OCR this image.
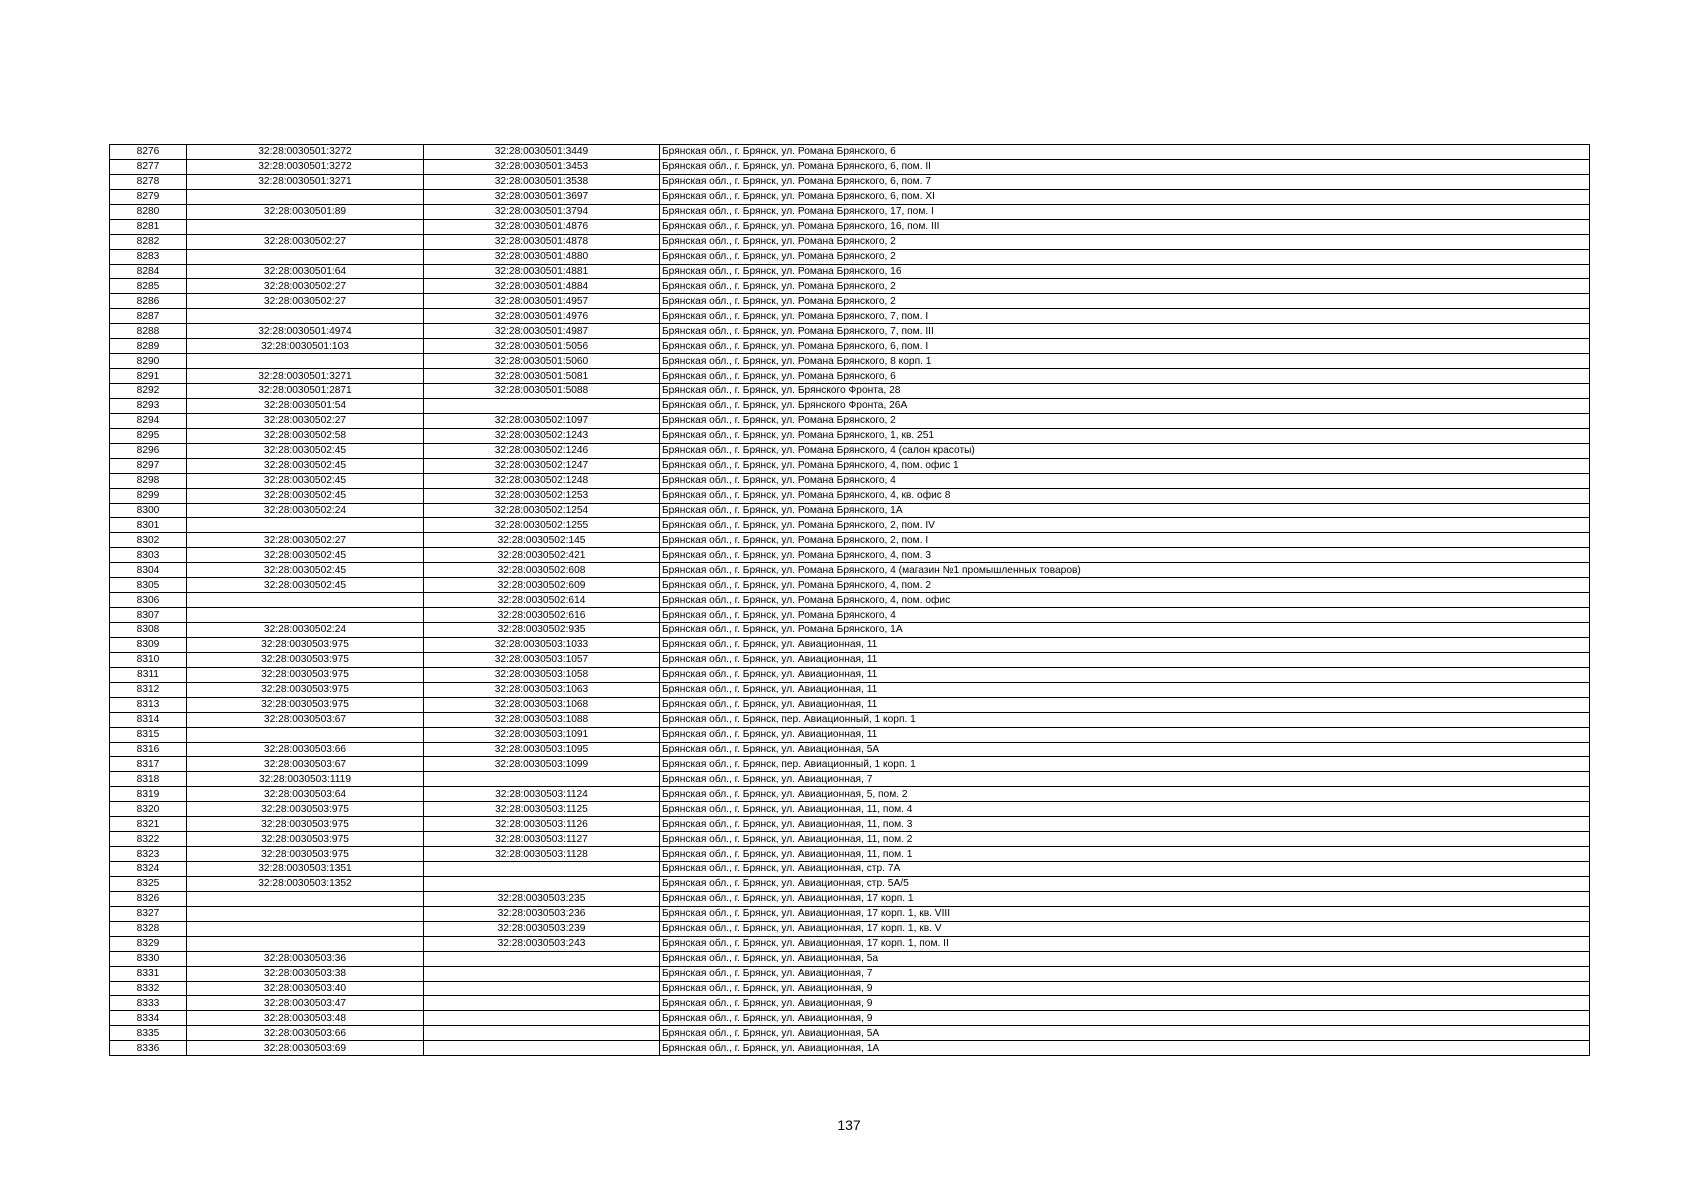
8276	32:28:0030501:3272	32:28:0030501:3449	Брянская обл., г. Брянск, ул. Романа Брянского, 6
8277	32:28:0030501:3272	32:28:0030501:3453	Брянская обл., г. Брянск, ул. Романа Брянского, 6, пом. II
8278	32:28:0030501:3271	32:28:0030501:3538	Брянская обл., г. Брянск, ул. Романа Брянского, 6, пом. 7
8279		32:28:0030501:3697	Брянская обл., г. Брянск, ул. Романа Брянского, 6, пом. XI
8280	32:28:0030501:89	32:28:0030501:3794	Брянская обл., г. Брянск, ул. Романа Брянского, 17, пом. I
8281		32:28:0030501:4876	Брянская обл., г. Брянск, ул. Романа Брянского, 16, пом. III
8282	32:28:0030502:27	32:28:0030501:4878	Брянская обл., г. Брянск, ул. Романа Брянского, 2
8283		32:28:0030501:4880	Брянская обл., г. Брянск, ул. Романа Брянского, 2
8284	32:28:0030501:64	32:28:0030501:4881	Брянская обл., г. Брянск, ул. Романа Брянского, 16
8285	32:28:0030502:27	32:28:0030501:4884	Брянская обл., г. Брянск, ул. Романа Брянского, 2
8286	32:28:0030502:27	32:28:0030501:4957	Брянская обл., г. Брянск, ул. Романа Брянского, 2
8287		32:28:0030501:4976	Брянская обл., г. Брянск, ул. Романа Брянского, 7, пом. I
8288	32:28:0030501:4974	32:28:0030501:4987	Брянская обл., г. Брянск, ул. Романа Брянского, 7, пом. III
8289	32:28:0030501:103	32:28:0030501:5056	Брянская обл., г. Брянск, ул. Романа Брянского, 6, пом. I
8290		32:28:0030501:5060	Брянская обл., г. Брянск, ул. Романа Брянского, 8 корп. 1
8291	32:28:0030501:3271	32:28:0030501:5081	Брянская обл., г. Брянск, ул. Романа Брянского, 6
8292	32:28:0030501:2871	32:28:0030501:5088	Брянская обл., г. Брянск, ул. Брянского Фронта, 28
8293	32:28:0030501:54		Брянская обл., г. Брянск, ул. Брянского Фронта, 26А
8294	32:28:0030502:27	32:28:0030502:1097	Брянская обл., г. Брянск, ул. Романа Брянского, 2
8295	32:28:0030502:58	32:28:0030502:1243	Брянская обл., г. Брянск, ул. Романа Брянского, 1, кв. 251
8296	32:28:0030502:45	32:28:0030502:1246	Брянская обл., г. Брянск, ул. Романа Брянского, 4 (салон красоты)
8297	32:28:0030502:45	32:28:0030502:1247	Брянская обл., г. Брянск, ул. Романа Брянского, 4, пом. офис 1
8298	32:28:0030502:45	32:28:0030502:1248	Брянская обл., г. Брянск, ул. Романа Брянского, 4
8299	32:28:0030502:45	32:28:0030502:1253	Брянская обл., г. Брянск, ул. Романа Брянского, 4, кв. офис 8
8300	32:28:0030502:24	32:28:0030502:1254	Брянская обл., г. Брянск, ул. Романа Брянского, 1А
8301		32:28:0030502:1255	Брянская обл., г. Брянск, ул. Романа Брянского, 2, пом. IV
8302	32:28:0030502:27	32:28:0030502:145	Брянская обл., г. Брянск, ул. Романа Брянского, 2, пом. I
8303	32:28:0030502:45	32:28:0030502:421	Брянская обл., г. Брянск, ул. Романа Брянского, 4, пом. 3
8304	32:28:0030502:45	32:28:0030502:608	Брянская обл., г. Брянск, ул. Романа Брянского, 4 (магазин №1 промышленных товаров)
8305	32:28:0030502:45	32:28:0030502:609	Брянская обл., г. Брянск, ул. Романа Брянского, 4, пом. 2
8306		32:28:0030502:614	Брянская обл., г. Брянск, ул. Романа Брянского, 4, пом. офис
8307		32:28:0030502:616	Брянская обл., г. Брянск, ул. Романа Брянского, 4
8308	32:28:0030502:24	32:28:0030502:935	Брянская обл., г. Брянск, ул. Романа Брянского, 1А
8309	32:28:0030503:975	32:28:0030503:1033	Брянская обл., г. Брянск, ул. Авиационная, 11
8310	32:28:0030503:975	32:28:0030503:1057	Брянская обл., г. Брянск, ул. Авиационная, 11
8311	32:28:0030503:975	32:28:0030503:1058	Брянская обл., г. Брянск, ул. Авиационная, 11
8312	32:28:0030503:975	32:28:0030503:1063	Брянская обл., г. Брянск, ул. Авиационная, 11
8313	32:28:0030503:975	32:28:0030503:1068	Брянская обл., г. Брянск, ул. Авиационная, 11
8314	32:28:0030503:67	32:28:0030503:1088	Брянская обл., г. Брянск, пер. Авиационный, 1 корп. 1
8315		32:28:0030503:1091	Брянская обл., г. Брянск, ул. Авиационная, 11
8316	32:28:0030503:66	32:28:0030503:1095	Брянская обл., г. Брянск, ул. Авиационная, 5А
8317	32:28:0030503:67	32:28:0030503:1099	Брянская обл., г. Брянск, пер. Авиационный, 1 корп. 1
8318	32:28:0030503:1119		Брянская обл., г. Брянск, ул. Авиационная, 7
8319	32:28:0030503:64	32:28:0030503:1124	Брянская обл., г. Брянск, ул. Авиационная, 5, пом. 2
8320	32:28:0030503:975	32:28:0030503:1125	Брянская обл., г. Брянск, ул. Авиационная, 11, пом. 4
8321	32:28:0030503:975	32:28:0030503:1126	Брянская обл., г. Брянск, ул. Авиационная, 11, пом. 3
8322	32:28:0030503:975	32:28:0030503:1127	Брянская обл., г. Брянск, ул. Авиационная, 11, пом. 2
8323	32:28:0030503:975	32:28:0030503:1128	Брянская обл., г. Брянск, ул. Авиационная, 11, пом. 1
8324	32:28:0030503:1351		Брянская обл., г. Брянск, ул. Авиационная, стр. 7А
8325	32:28:0030503:1352		Брянская обл., г. Брянск, ул. Авиационная, стр. 5А/5
8326		32:28:0030503:235	Брянская обл., г. Брянск, ул. Авиационная, 17 корп. 1
8327		32:28:0030503:236	Брянская обл., г. Брянск, ул. Авиационная, 17 корп. 1, кв. VIII
8328		32:28:0030503:239	Брянская обл., г. Брянск, ул. Авиационная, 17 корп. 1, кв. V
8329		32:28:0030503:243	Брянская обл., г. Брянск, ул. Авиационная, 17 корп. 1, пом. II
8330	32:28:0030503:36		Брянская обл., г. Брянск, ул. Авиационная, 5а
8331	32:28:0030503:38		Брянская обл., г. Брянск, ул. Авиационная, 7
8332	32:28:0030503:40		Брянская обл., г. Брянск, ул. Авиационная, 9
8333	32:28:0030503:47		Брянская обл., г. Брянск, ул. Авиационная, 9
8334	32:28:0030503:48		Брянская обл., г. Брянск, ул. Авиационная, 9
8335	32:28:0030503:66		Брянская обл., г. Брянск, ул. Авиационная, 5А
8336	32:28:0030503:69		Брянская обл., г. Брянск, ул. Авиационная, 1А
137
